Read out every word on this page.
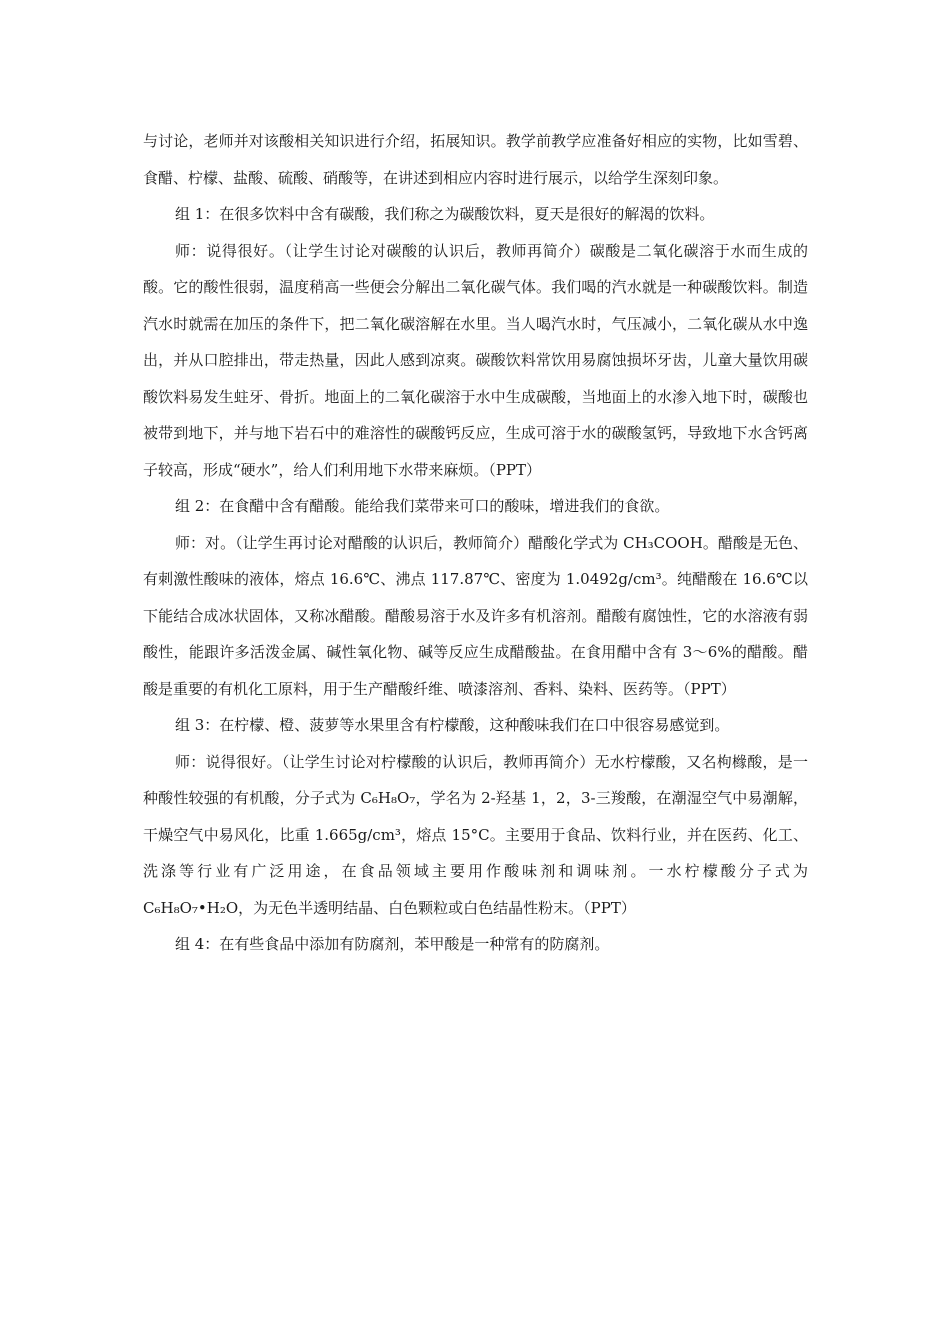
与讨论，老师并对该酸相关知识进行介绍，拓展知识。教学前教学应准备好相应的实物，比如雪碧、食醋、柠檬、盐酸、硫酸、硝酸等，在讲述到相应内容时进行展示，以给学生深刻印象。

组 1：在很多饮料中含有碳酸，我们称之为碳酸饮料，夏天是很好的解渴的饮料。

师：说得很好。（让学生讨论对碳酸的认识后，教师再简介）碳酸是二氧化碳溶于水而生成的酸。它的酸性很弱，温度稍高一些便会分解出二氧化碳气体。我们喝的汽水就是一种碳酸饮料。制造汽水时就需在加压的条件下，把二氧化碳溶解在水里。当人喝汽水时，气压减小，二氧化碳从水中逸出，并从口腔排出，带走热量，因此人感到凉爽。碳酸饮料常饮用易腐蚀损坏牙齿，儿童大量饮用碳酸饮料易发生蛀牙、骨折。地面上的二氧化碳溶于水中生成碳酸，当地面上的水渗入地下时，碳酸也被带到地下，并与地下岩石中的难溶性的碳酸钙反应，生成可溶于水的碳酸氢钙，导致地下水含钙离子较高，形成“硬水”，给人们利用地下水带来麻烦。（PPT）

组 2：在食醋中含有醋酸。能给我们菜带来可口的酸味，增进我们的食欲。

师：对。（让学生再讨论对醋酸的认识后，教师简介）醋酸化学式为 CH₃COOH。醋酸是无色、有刺激性酸味的液体，熔点 16.6℃、沸点 117.87℃、密度为 1.0492g/cm³。纯醋酸在 16.6℃以下能结合成冰状固体，又称冰醋酸。醋酸易溶于水及许多有机溶剂。醋酸有腐蚀性，它的水溶液有弱酸性，能跟许多活泼金属、碱性氧化物、碱等反应生成醋酸盐。在食用醋中含有 3～6%的醋酸。醋酸是重要的有机化工原料，用于生产醋酸纤维、喷漆溶剂、香料、染料、医药等。（PPT）

组 3：在柠檬、橙、菠萝等水果里含有柠檬酸，这种酸味我们在口中很容易感觉到。

师：说得很好。（让学生讨论对柠檬酸的认识后，教师再简介）无水柠檬酸，又名枸橼酸，是一种酸性较强的有机酸，分子式为 C₆H₈O₇，学名为 2-羟基 1，2，3-三羧酸，在潮湿空气中易潮解，干燥空气中易风化，比重 1.665g/cm³，熔点 15°C。主要用于食品、饮料行业，并在医药、化工、洗涤等行业有广泛用途，在食品领域主要用作酸味剂和调味剂。一水柠檬酸分子式为 C₆H₈O₇•H₂O，为无色半透明结晶、白色颗粒或白色结晶性粉末。（PPT）

组 4：在有些食品中添加有防腐剂，苯甲酸是一种常有的防腐剂。
